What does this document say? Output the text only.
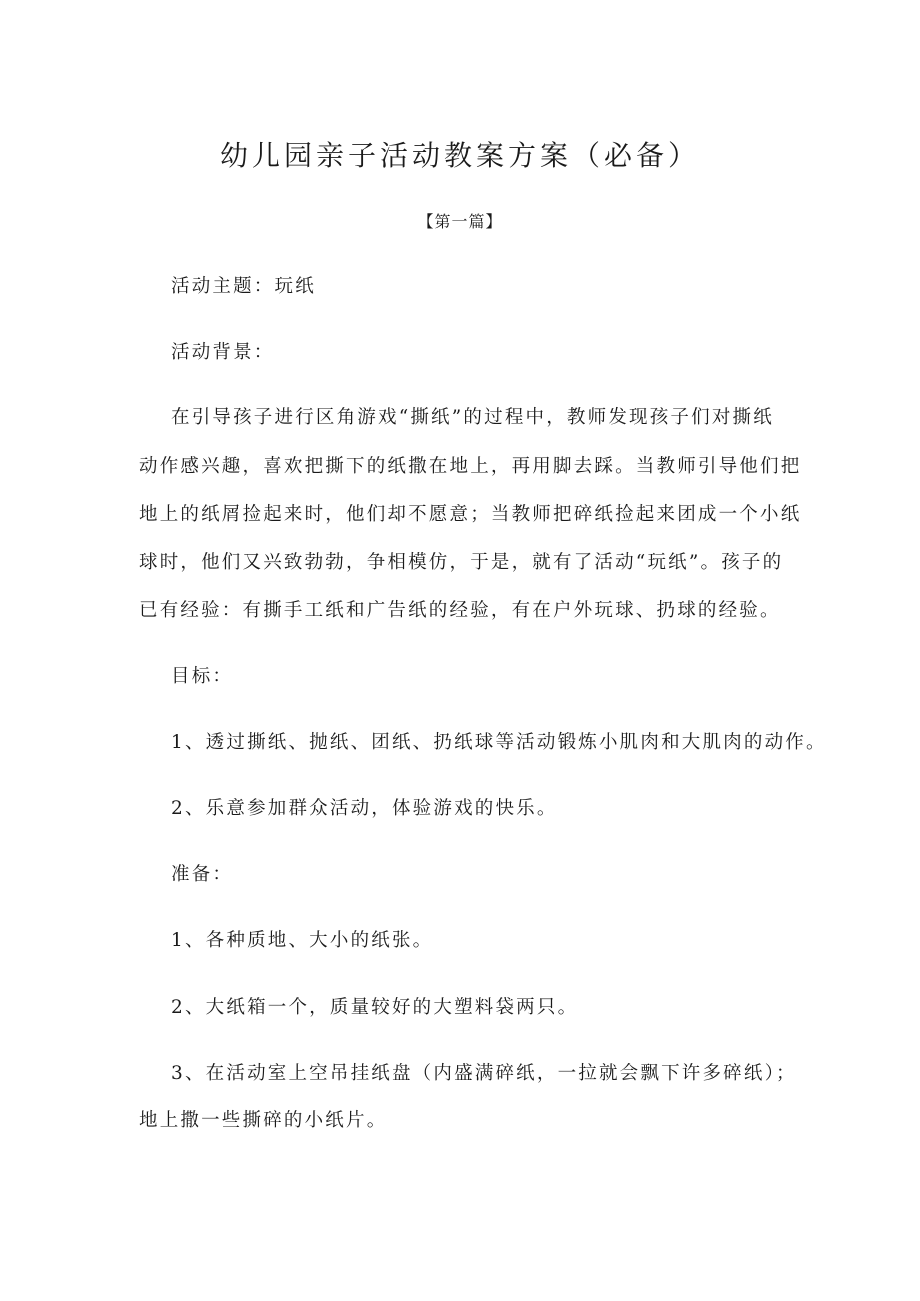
幼儿园亲子活动教案方案（必备）
【第一篇】

活动主题：玩纸

活动背景：

在引导孩子进行区角游戏“撕纸”的过程中，教师发现孩子们对撕纸

动作感兴趣，喜欢把撕下的纸撒在地上，再用脚去踩。当教师引导他们把

地上的纸屑捡起来时，他们却不愿意；当教师把碎纸捡起来团成一个小纸

球时，他们又兴致勃勃，争相模仿，于是，就有了活动“玩纸”。孩子的

已有经验：有撕手工纸和广告纸的经验，有在户外玩球、扔球的经验。

目标：

1、透过撕纸、抛纸、团纸、扔纸球等活动锻炼小肌肉和大肌肉的动作。

2、乐意参加群众活动，体验游戏的快乐。

准备：

1、各种质地、大小的纸张。

2、大纸箱一个，质量较好的大塑料袋两只。

3、在活动室上空吊挂纸盘（内盛满碎纸，一拉就会飘下许多碎纸）；

地上撒一些撕碎的小纸片。
